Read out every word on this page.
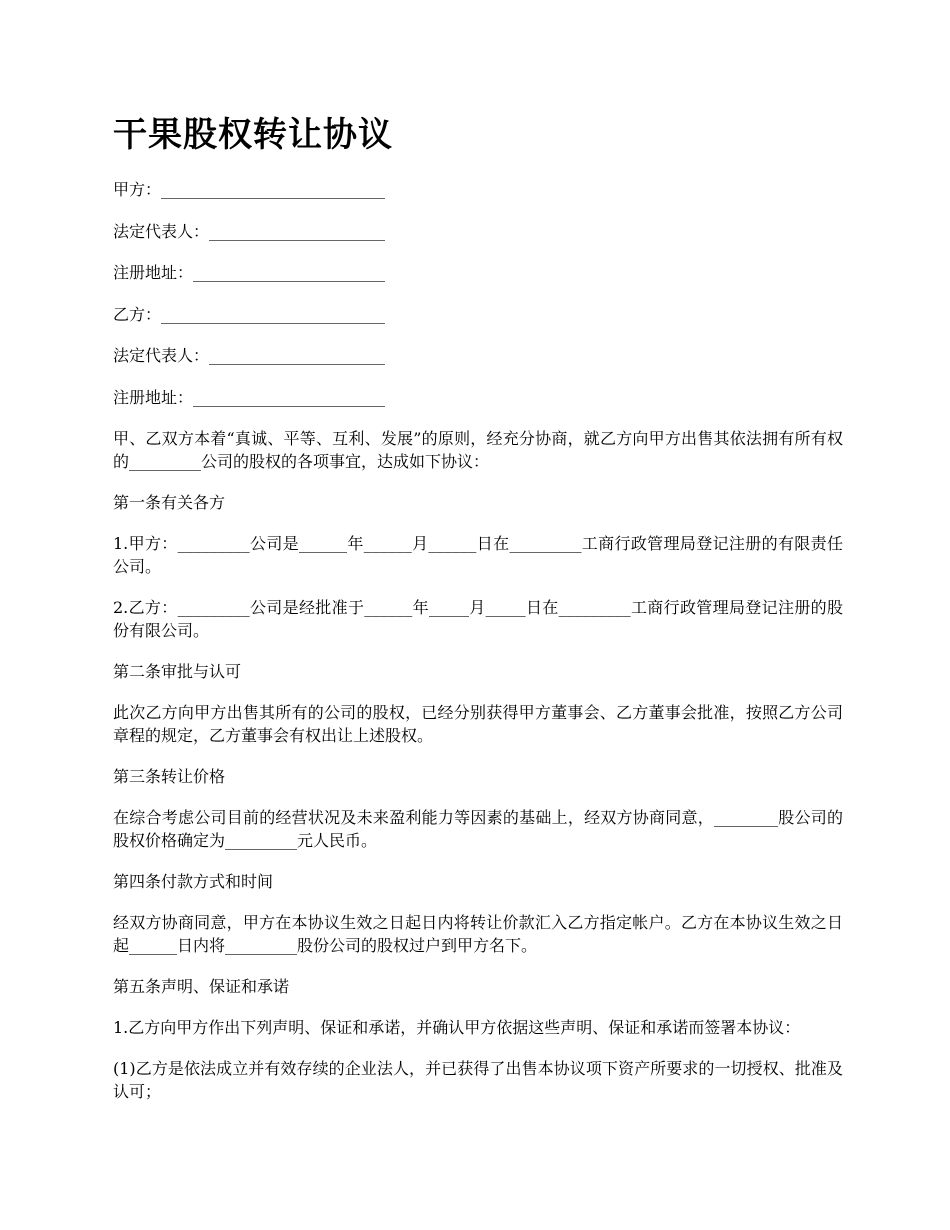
干果股权转让协议

甲方：____________________________

法定代表人：______________________

注册地址：________________________

乙方：____________________________

法定代表人：______________________

注册地址：________________________

甲、乙双方本着“真诚、平等、互利、发展”的原则，经充分协商，就乙方向甲方出售其依法拥有所有权的_________公司的股权的各项事宜，达成如下协议：

第一条有关各方

1.甲方：_________公司是______年______月______日在_________工商行政管理局登记注册的有限责任公司。

2.乙方：_________公司是经批准于______年_____月_____日在_________工商行政管理局登记注册的股份有限公司。

第二条审批与认可

此次乙方向甲方出售其所有的公司的股权，已经分别获得甲方董事会、乙方董事会批准，按照乙方公司章程的规定，乙方董事会有权出让上述股权。

第三条转让价格

在综合考虑公司目前的经营状况及未来盈利能力等因素的基础上，经双方协商同意，________股公司的股权价格确定为_________元人民币。

第四条付款方式和时间

经双方协商同意，甲方在本协议生效之日起日内将转让价款汇入乙方指定帐户。乙方在本协议生效之日起______日内将_________股份公司的股权过户到甲方名下。

第五条声明、保证和承诺

1.乙方向甲方作出下列声明、保证和承诺，并确认甲方依据这些声明、保证和承诺而签署本协议：

(1)乙方是依法成立并有效存续的企业法人，并已获得了出售本协议项下资产所要求的一切授权、批准及认可；
